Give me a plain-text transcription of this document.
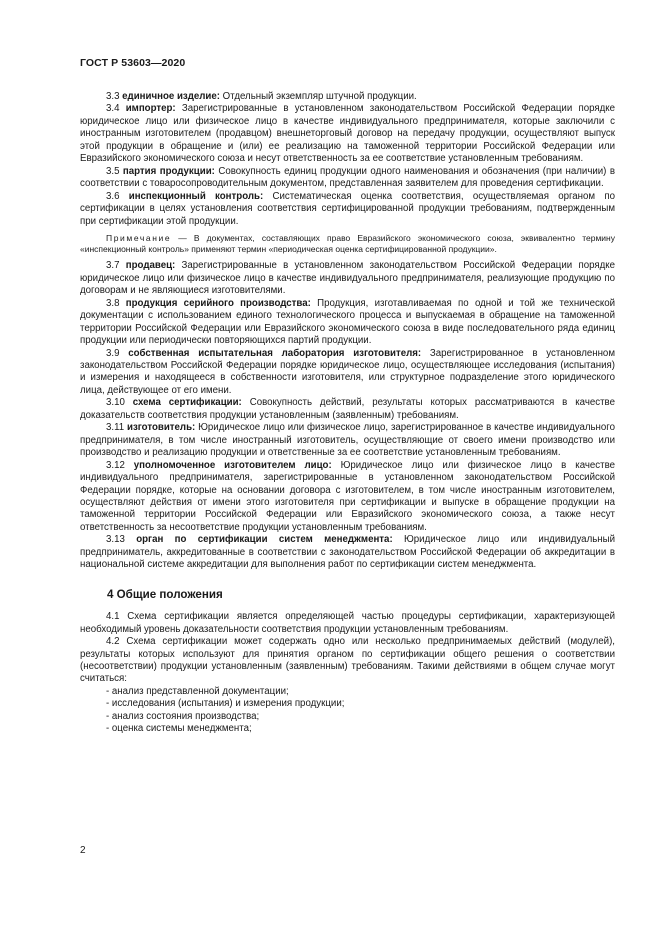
ГОСТ Р 53603—2020

3.3 единичное изделие: Отдельный экземпляр штучной продукции.

3.4 импортер: Зарегистрированные в установленном законодательством Российской Федерации порядке юридическое лицо или физическое лицо в качестве индивидуального предпринимателя, которые заключили с иностранным изготовителем (продавцом) внешнеторговый договор на передачу продукции, осуществляют выпуск этой продукции в обращение и (или) ее реализацию на таможенной территории Российской Федерации или Евразийского экономического союза и несут ответственность за ее соответствие установленным требованиям.

3.5 партия продукции: Совокупность единиц продукции одного наименования и обозначения (при наличии) в соответствии с товаросопроводительным документом, представленная заявителем для проведения сертификации.

3.6 инспекционный контроль: Систематическая оценка соответствия, осуществляемая органом по сертификации в целях установления соответствия сертифицированной продукции требованиям, подтвержденным при сертификации этой продукции.

Примечание — В документах, составляющих право Евразийского экономического союза, эквивалентно термину «инспекционный контроль» применяют термин «периодическая оценка сертифицированной продукции».

3.7 продавец: Зарегистрированные в установленном законодательством Российской Федерации порядке юридическое лицо или физическое лицо в качестве индивидуального предпринимателя, реализующие продукцию по договорам и не являющиеся изготовителями.

3.8 продукция серийного производства: Продукция, изготавливаемая по одной и той же технической документации с использованием единого технологического процесса и выпускаемая в обращение на таможенной территории Российской Федерации или Евразийского экономического союза в виде последовательного ряда единиц продукции или периодически повторяющихся партий продукции.

3.9 собственная испытательная лаборатория изготовителя: Зарегистрированное в установленном законодательством Российской Федерации порядке юридическое лицо, осуществляющее исследования (испытания) и измерения и находящееся в собственности изготовителя, или структурное подразделение этого юридического лица, действующее от его имени.

3.10 схема сертификации: Совокупность действий, результаты которых рассматриваются в качестве доказательств соответствия продукции установленным (заявленным) требованиям.

3.11 изготовитель: Юридическое лицо или физическое лицо, зарегистрированное в качестве индивидуального предпринимателя, в том числе иностранный изготовитель, осуществляющие от своего имени производство или производство и реализацию продукции и ответственные за ее соответствие установленным требованиям.

3.12 уполномоченное изготовителем лицо: Юридическое лицо или физическое лицо в качестве индивидуального предпринимателя, зарегистрированные в установленном законодательством Российской Федерации порядке, которые на основании договора с изготовителем, в том числе иностранным изготовителем, осуществляют действия от имени этого изготовителя при сертификации и выпуске в обращение продукции на таможенной территории Российской Федерации или Евразийского экономического союза, а также несут ответственность за несоответствие продукции установленным требованиям.

3.13 орган по сертификации систем менеджмента: Юридическое лицо или индивидуальный предприниматель, аккредитованные в соответствии с законодательством Российской Федерации об аккредитации в национальной системе аккредитации для выполнения работ по сертификации систем менеджмента.

4 Общие положения

4.1 Схема сертификации является определяющей частью процедуры сертификации, характеризующей необходимый уровень доказательности соответствия продукции установленным требованиям.

4.2 Схема сертификации может содержать одно или несколько предпринимаемых действий (модулей), результаты которых используют для принятия органом по сертификации общего решения о соответствии (несоответствии) продукции установленным (заявленным) требованиям. Такими действиями в общем случае могут считаться:

- анализ представленной документации;
- исследования (испытания) и измерения продукции;
- анализ состояния производства;
- оценка системы менеджмента;
2
